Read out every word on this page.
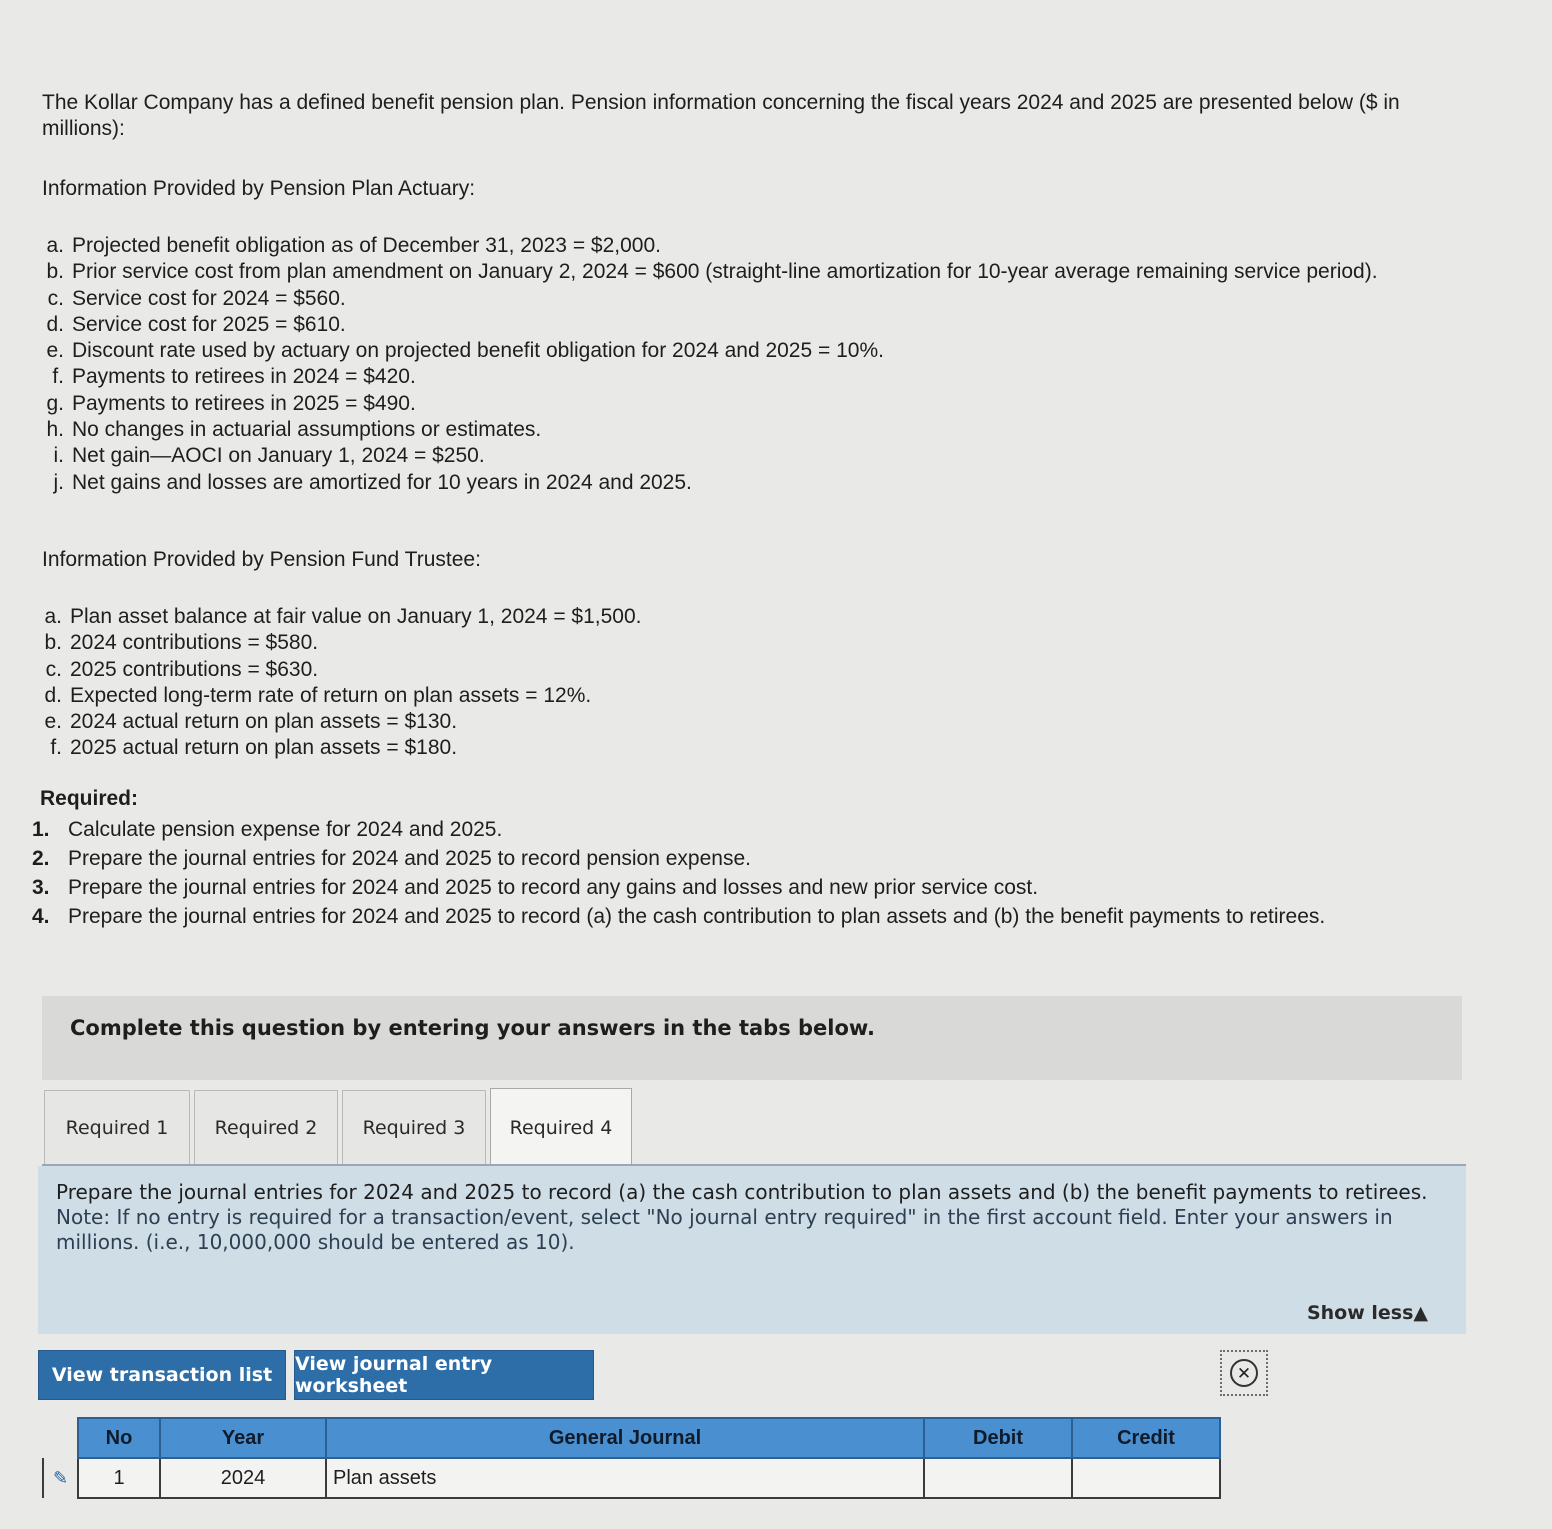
The Kollar Company has a defined benefit pension plan. Pension information concerning the fiscal years 2024 and 2025 are presented below ($ in millions):

Information Provided by Pension Plan Actuary:

a. Projected benefit obligation as of December 31, 2023 = $2,000.
b. Prior service cost from plan amendment on January 2, 2024 = $600 (straight-line amortization for 10-year average remaining service period).
c. Service cost for 2024 = $560.
d. Service cost for 2025 = $610.
e. Discount rate used by actuary on projected benefit obligation for 2024 and 2025 = 10%.
f. Payments to retirees in 2024 = $420.
g. Payments to retirees in 2025 = $490.
h. No changes in actuarial assumptions or estimates.
i. Net gain—AOCI on January 1, 2024 = $250.
j. Net gains and losses are amortized for 10 years in 2024 and 2025.

Information Provided by Pension Fund Trustee:

a. Plan asset balance at fair value on January 1, 2024 = $1,500.
b. 2024 contributions = $580.
c. 2025 contributions = $630.
d. Expected long-term rate of return on plan assets = 12%.
e. 2024 actual return on plan assets = $130.
f. 2025 actual return on plan assets = $180.

Required:

1. Calculate pension expense for 2024 and 2025.
2. Prepare the journal entries for 2024 and 2025 to record pension expense.
3. Prepare the journal entries for 2024 and 2025 to record any gains and losses and new prior service cost.
4. Prepare the journal entries for 2024 and 2025 to record (a) the cash contribution to plan assets and (b) the benefit payments to retirees.
Complete this question by entering your answers in the tabs below.
Required 1	Required 2	Required 3	Required 4

Prepare the journal entries for 2024 and 2025 to record (a) the cash contribution to plan assets and (b) the benefit payments to retirees.

Note: If no entry is required for a transaction/event, select "No journal entry required" in the first account field. Enter your answers in millions. (i.e., 10,000,000 should be entered as 10).

Show less▲
View transaction list	View journal entry worksheet
✕
	No	Year	General Journal	Debit	Credit
✎	1	2024	Plan assets		
